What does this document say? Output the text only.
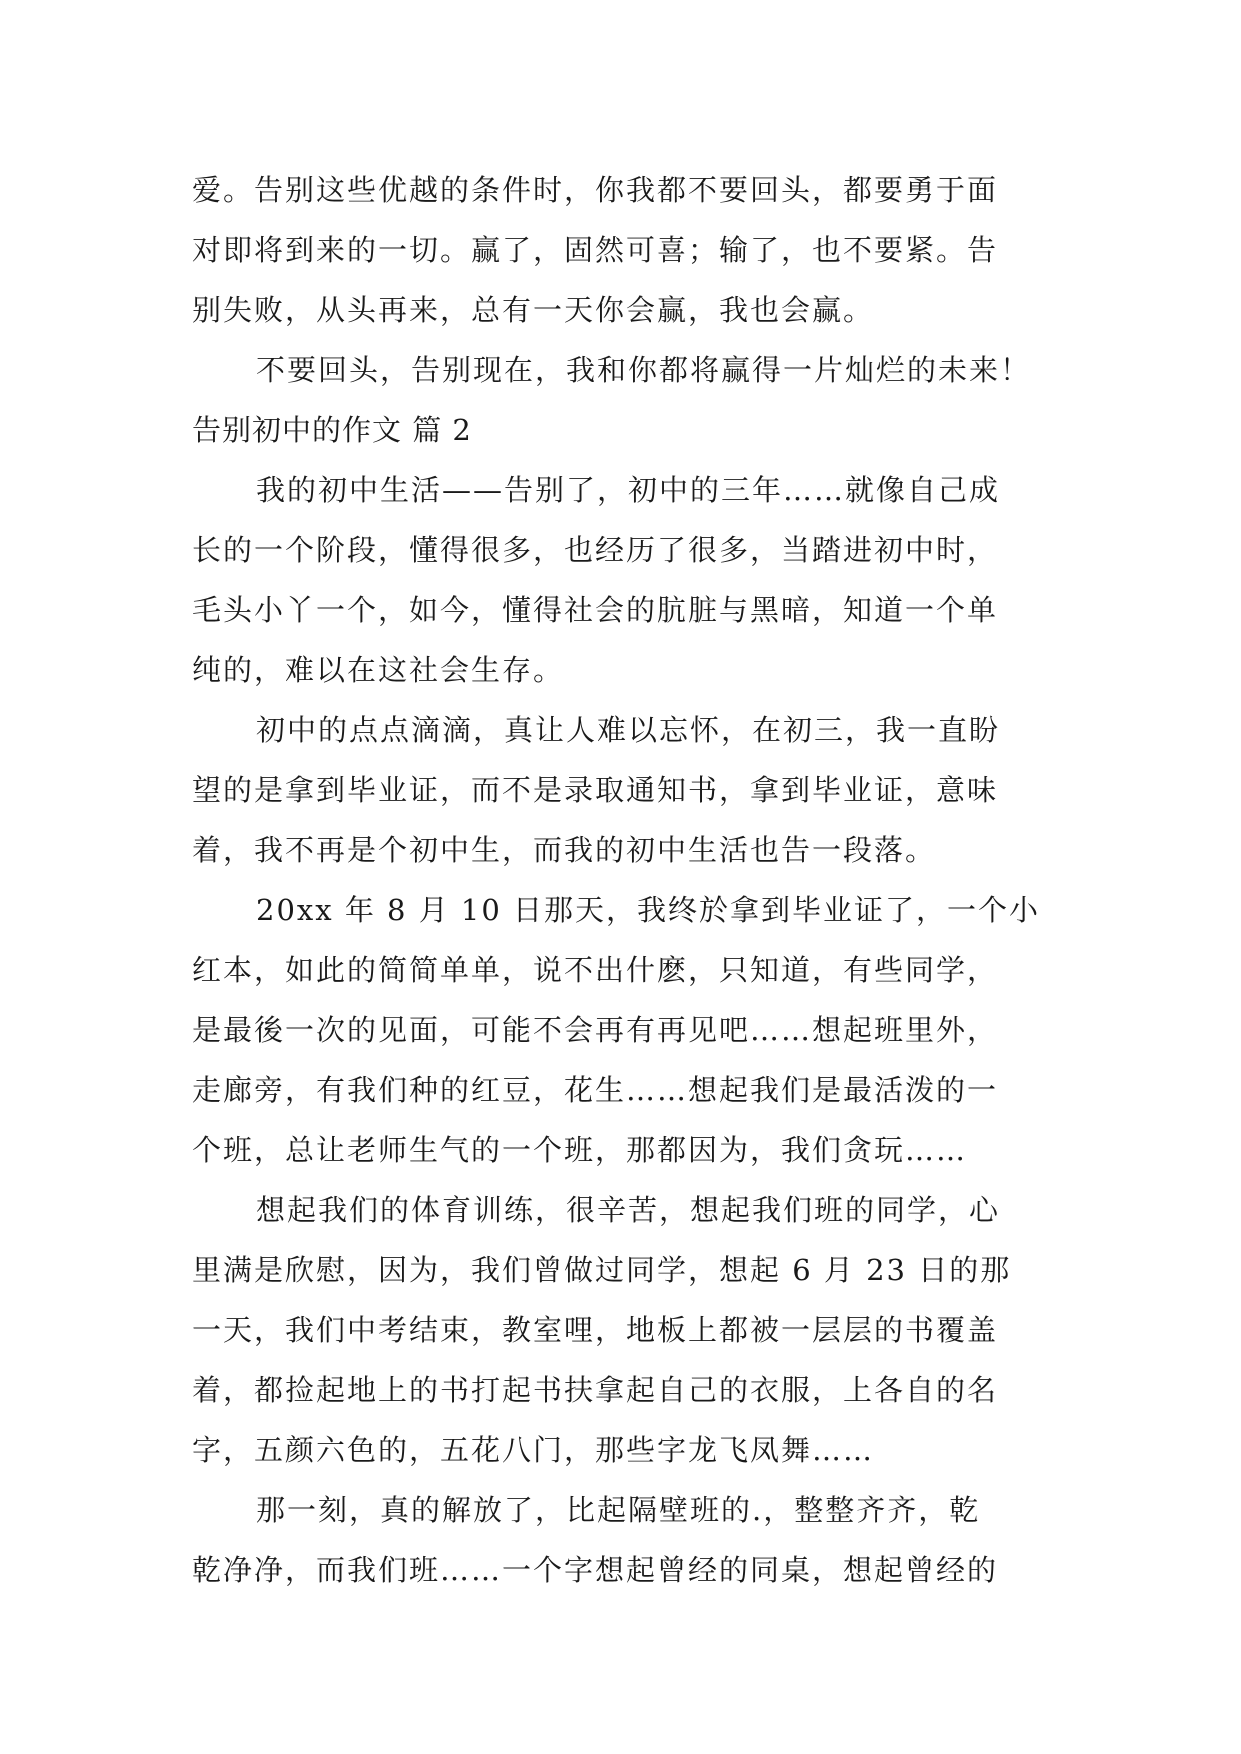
爱。告别这些优越的条件时，你我都不要回头，都要勇于面
对即将到来的一切。赢了，固然可喜；输了，也不要紧。告
别失败，从头再来，总有一天你会赢，我也会赢。
不要回头，告别现在，我和你都将赢得一片灿烂的未来！
告别初中的作文 篇 2
我的初中生活——告别了，初中的三年……就像自己成
长的一个阶段，懂得很多，也经历了很多，当踏进初中时，
毛头小丫一个，如今，懂得社会的肮脏与黑暗，知道一个单
纯的，难以在这社会生存。
初中的点点滴滴，真让人难以忘怀，在初三，我一直盼
望的是拿到毕业证，而不是录取通知书，拿到毕业证，意味
着，我不再是个初中生，而我的初中生活也告一段落。
20xx 年 8 月 10 日那天，我终於拿到毕业证了，一个小
红本，如此的简简单单，说不出什麽，只知道，有些同学，
是最後一次的见面，可能不会再有再见吧……想起班里外，
走廊旁，有我们种的红豆，花生……想起我们是最活泼的一
个班，总让老师生气的一个班，那都因为，我们贪玩……
想起我们的体育训练，很辛苦，想起我们班的同学，心
里满是欣慰，因为，我们曾做过同学，想起 6 月 23 日的那
一天，我们中考结束，教室哩，地板上都被一层层的书覆盖
着，都捡起地上的书打起书扶拿起自己的衣服，上各自的名
字，五颜六色的，五花八门，那些字龙飞凤舞……
那一刻，真的解放了，比起隔壁班的.，整整齐齐，乾
乾净净，而我们班……一个字想起曾经的同桌，想起曾经的
